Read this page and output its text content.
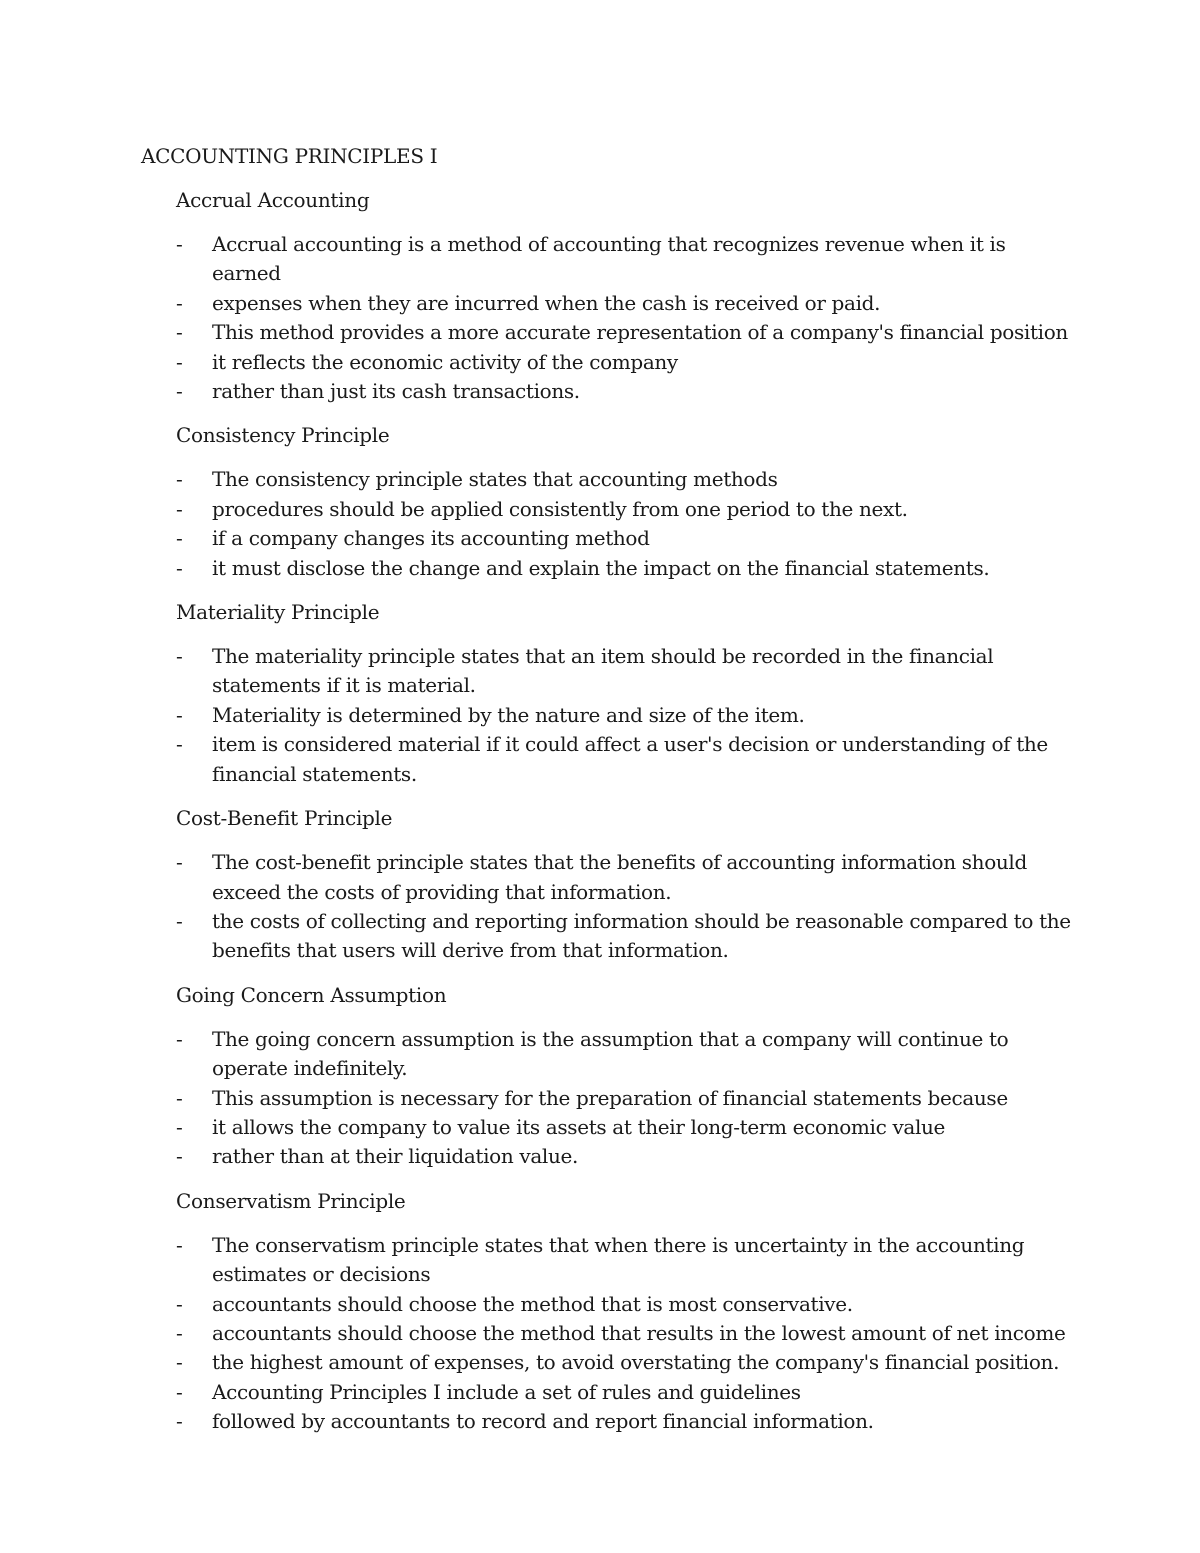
ACCOUNTING PRINCIPLES I
Accrual Accounting
- Accrual accounting is a method of accounting that recognizes revenue when it is earned
- expenses when they are incurred when the cash is received or paid.
- This method provides a more accurate representation of a company's financial position
- it reflects the economic activity of the company
- rather than just its cash transactions.
Consistency Principle
- The consistency principle states that accounting methods
- procedures should be applied consistently from one period to the next.
- if a company changes its accounting method
- it must disclose the change and explain the impact on the financial statements.
Materiality Principle
- The materiality principle states that an item should be recorded in the financial statements if it is material.
- Materiality is determined by the nature and size of the item.
- item is considered material if it could affect a user's decision or understanding of the financial statements.
Cost-Benefit Principle
- The cost-benefit principle states that the benefits of accounting information should exceed the costs of providing that information.
- the costs of collecting and reporting information should be reasonable compared to the benefits that users will derive from that information.
Going Concern Assumption
- The going concern assumption is the assumption that a company will continue to operate indefinitely.
- This assumption is necessary for the preparation of financial statements because
- it allows the company to value its assets at their long-term economic value
- rather than at their liquidation value.
Conservatism Principle
- The conservatism principle states that when there is uncertainty in the accounting estimates or decisions
- accountants should choose the method that is most conservative.
- accountants should choose the method that results in the lowest amount of net income
- the highest amount of expenses, to avoid overstating the company's financial position.
- Accounting Principles I include a set of rules and guidelines
- followed by accountants to record and report financial information.
